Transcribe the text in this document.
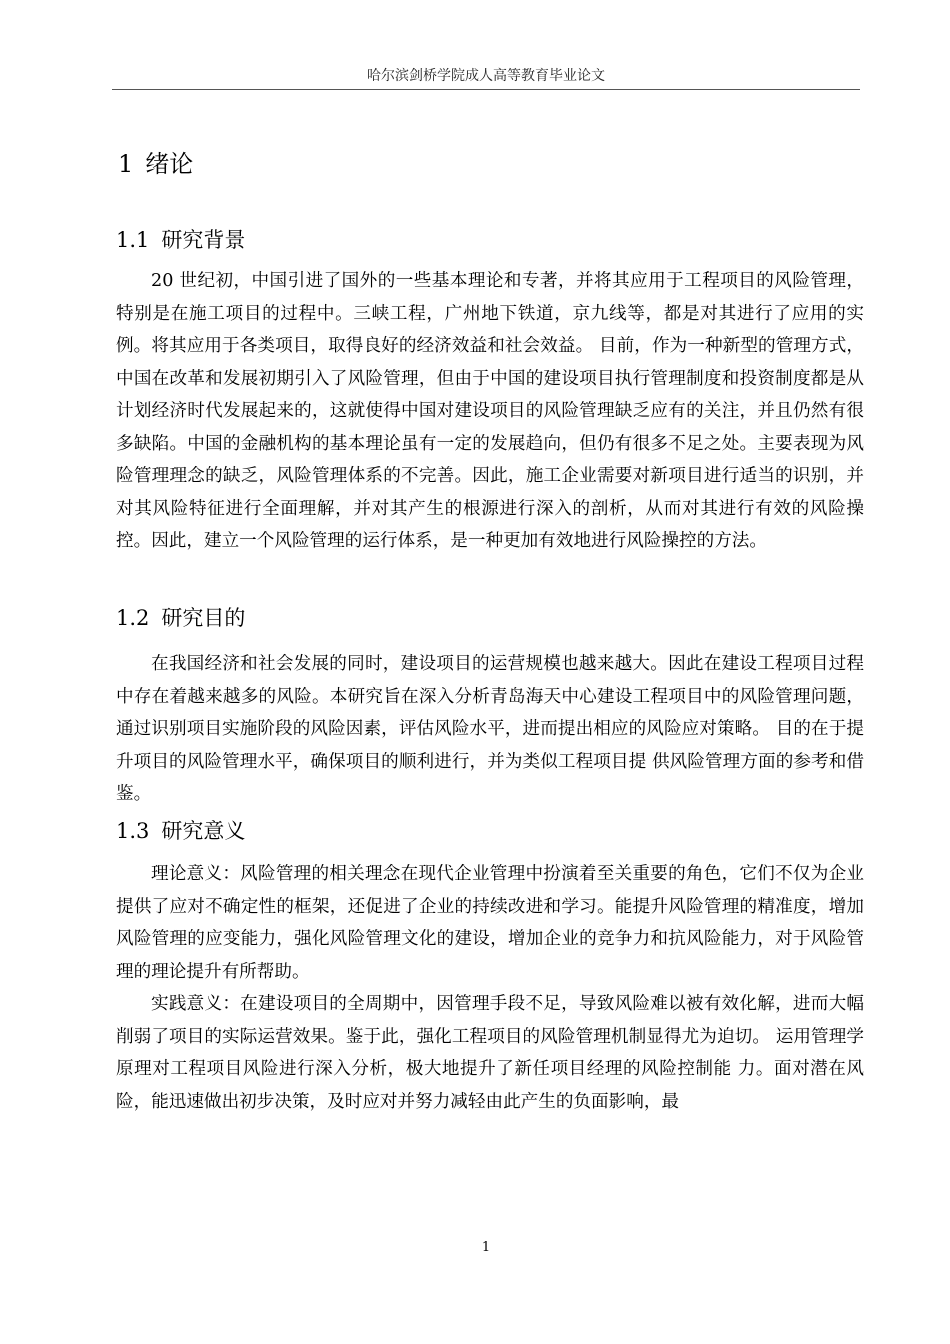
哈尔滨剑桥学院成人高等教育毕业论文
1 绪论
1.1 研究背景

20 世纪初，中国引进了国外的一些基本理论和专著，并将其应用于工程项目的风险管理，特别是在施工项目的过程中。三峡工程，广州地下铁道，京九线等，都是对其进行了应用的实例。将其应用于各类项目，取得良好的经济效益和社会效益。 目前，作为一种新型的管理方式，中国在改革和发展初期引入了风险管理，但由于中国的建设项目执行管理制度和投资制度都是从计划经济时代发展起来的，这就使得中国对建设项目的风险管理缺乏应有的关注，并且仍然有很多缺陷。中国的金融机构的基本理论虽有一定的发展趋向，但仍有很多不足之处。主要表现为风险管理理念的缺乏，风险管理体系的不完善。因此，施工企业需要对新项目进行适当的识别，并对其风险特征进行全面理解，并对其产生的根源进行深入的剖析，从而对其进行有效的风险操控。因此，建立一个风险管理的运行体系，是一种更加有效地进行风险操控的方法。

1.2 研究目的

在我国经济和社会发展的同时，建设项目的运营规模也越来越大。因此在建设工程项目过程中存在着越来越多的风险。本研究旨在深入分析青岛海天中心建设工程项目中的风险管理问题，通过识别项目实施阶段的风险因素，评估风险水平，进而提出相应的风险应对策略。 目的在于提升项目的风险管理水平，确保项目的顺利进行，并为类似工程项目提 供风险管理方面的参考和借鉴。

1.3 研究意义

理论意义：风险管理的相关理念在现代企业管理中扮演着至关重要的角色，它们不仅为企业提供了应对不确定性的框架，还促进了企业的持续改进和学习。能提升风险管理的精准度，增加风险管理的应变能力，强化风险管理文化的建设，增加企业的竞争力和抗风险能力，对于风险管理的理论提升有所帮助。

实践意义：在建设项目的全周期中，因管理手段不足，导致风险难以被有效化解，进而大幅削弱了项目的实际运营效果。鉴于此，强化工程项目的风险管理机制显得尤为迫切。 运用管理学原理对工程项目风险进行深入分析，极大地提升了新任项目经理的风险控制能 力。面对潜在风险，能迅速做出初步决策，及时应对并努力减轻由此产生的负面影响，最

1
